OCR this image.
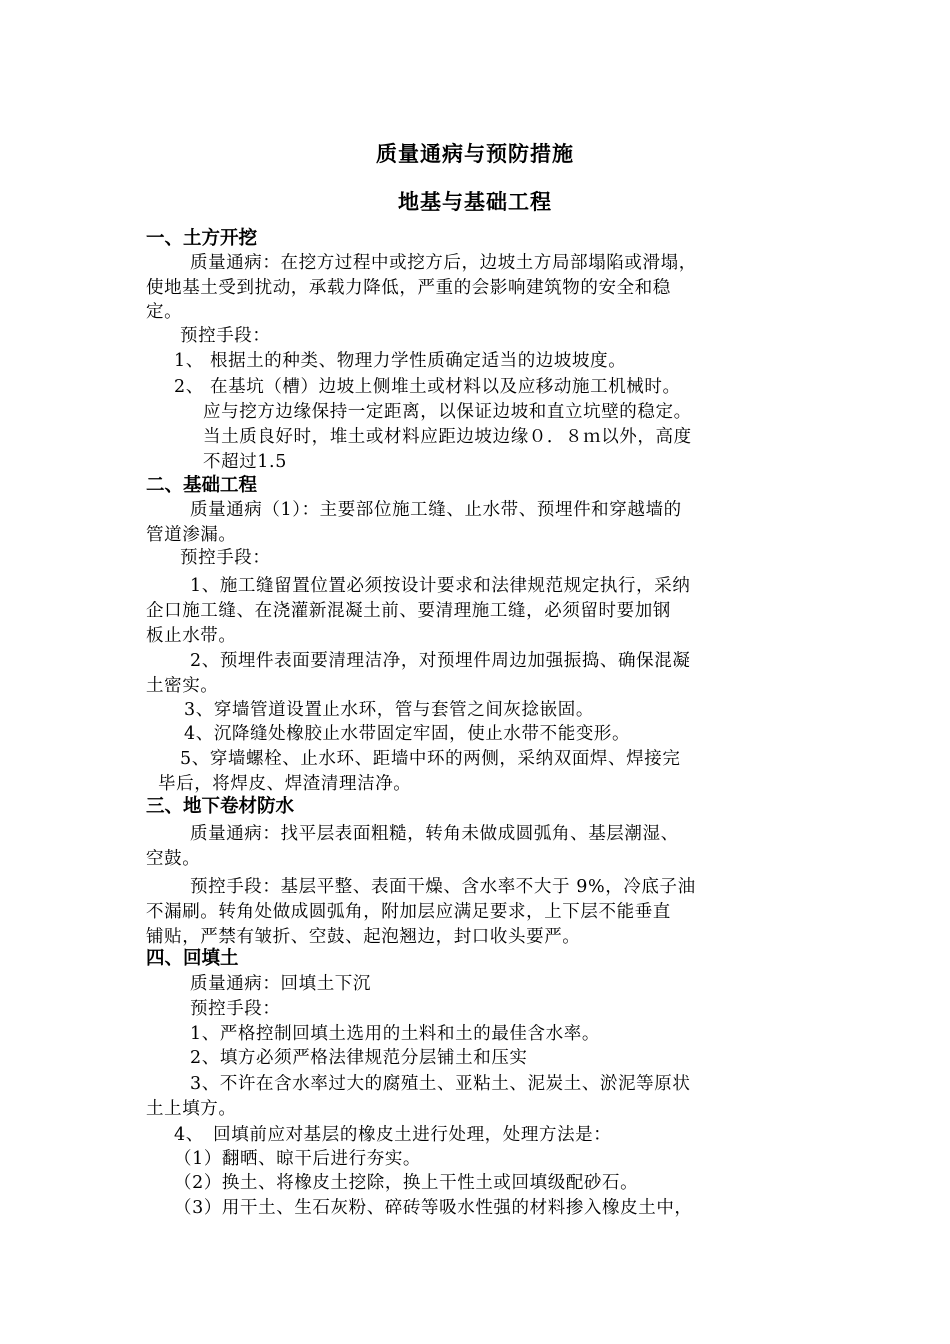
质量通病与预防措施
地基与基础工程
一、土方开挖
质量通病：在挖方过程中或挖方后，边坡土方局部塌陷或滑塌，
使地基土受到扰动，承载力降低，严重的会影响建筑物的安全和稳
定。
预控手段：
1、 根据土的种类、物理力学性质确定适当的边坡坡度。
2、 在基坑（槽）边坡上侧堆土或材料以及应移动施工机械时。
应与挖方边缘保持一定距离，以保证边坡和直立坑壁的稳定。
当土质良好时，堆土或材料应距边坡边缘０．８ｍ以外，高度
不超过1.5
二、基础工程
质量通病（1）：主要部位施工缝、止水带、预埋件和穿越墙的
管道渗漏。
预控手段：
1、施工缝留置位置必须按设计要求和法律规范规定执行，采纳
企口施工缝、在浇灌新混凝土前、要清理施工缝，必须留时要加钢
板止水带。
2、预埋件表面要清理洁净，对预埋件周边加强振捣、确保混凝
土密实。
3、穿墙管道设置止水环，管与套管之间灰捻嵌固。
4、沉降缝处橡胶止水带固定牢固，使止水带不能变形。
5、穿墙螺栓、止水环、距墙中环的两侧，采纳双面焊、焊接完
毕后，将焊皮、焊渣清理洁净。
三、地下卷材防水
质量通病：找平层表面粗糙，转角未做成圆弧角、基层潮湿、
空鼓。
预控手段：基层平整、表面干燥、含水率不大于 9%，冷底子油
不漏刷。转角处做成圆弧角，附加层应满足要求，上下层不能垂直
铺贴，严禁有皱折、空鼓、起泡翘边，封口收头要严。
四、回填土
质量通病：回填土下沉
预控手段：
1、严格控制回填土选用的土料和土的最佳含水率。
2、填方必须严格法律规范分层铺土和压实
3、不许在含水率过大的腐殖土、亚粘土、泥炭土、淤泥等原状
土上填方。
4、　回填前应对基层的橡皮土进行处理，处理方法是：
（1）翻晒、晾干后进行夯实。
（2）换土、将橡皮土挖除，换上干性土或回填级配砂石。
（3）用干土、生石灰粉、碎砖等吸水性强的材料掺入橡皮土中，
